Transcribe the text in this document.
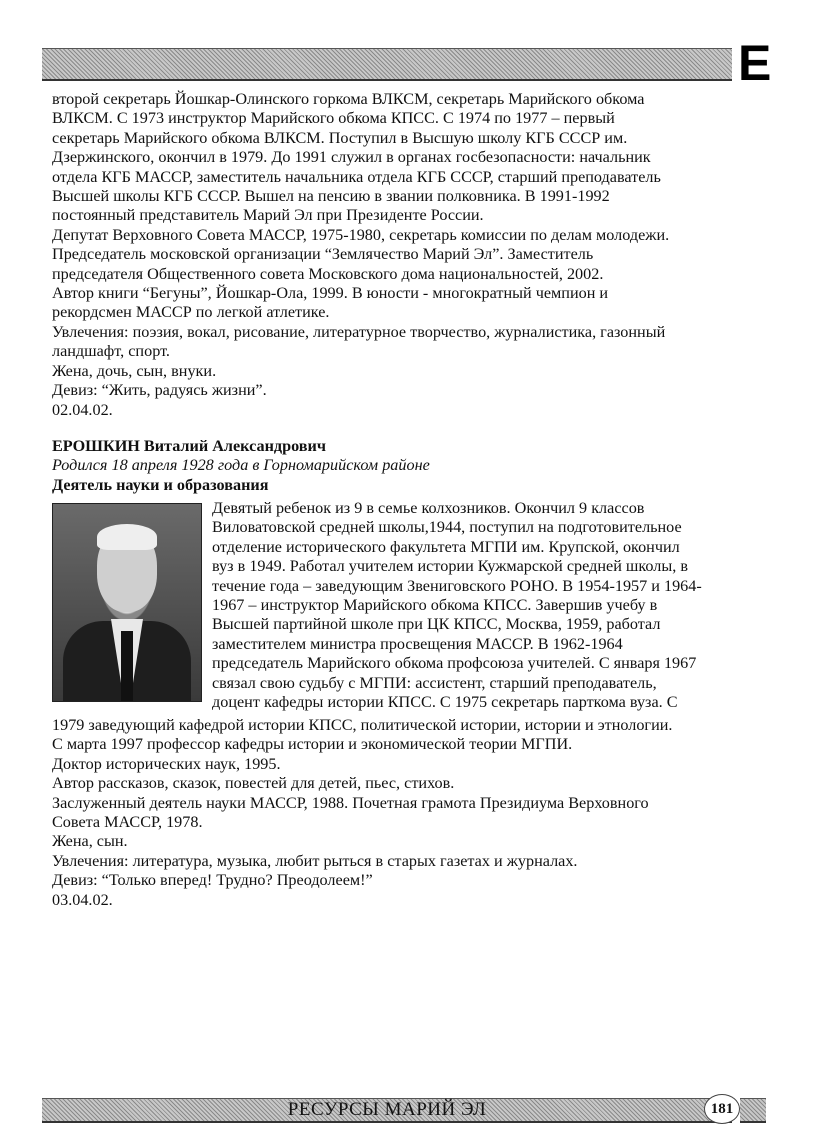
Е
второй секретарь Йошкар-Олинского горкома ВЛКСМ, секретарь Марийского обкома
ВЛКСМ. С 1973 инструктор Марийского обкома КПСС. С 1974 по 1977 – первый
секретарь Марийского обкома ВЛКСМ. Поступил в Высшую школу КГБ СССР им.
Дзержинского, окончил в 1979. До 1991 служил в органах госбезопасности: начальник
отдела КГБ МАССР, заместитель начальника отдела КГБ СССР, старший преподаватель
Высшей школы КГБ СССР. Вышел на пенсию в звании полковника. В 1991-1992
постоянный представитель Марий Эл при Президенте России.
Депутат Верховного Совета МАССР, 1975-1980, секретарь комиссии по делам молодежи.
Председатель московской организации “Землячество Марий Эл”. Заместитель
председателя Общественного совета Московского дома национальностей, 2002.
Автор книги “Бегуны”, Йошкар-Ола, 1999. В юности - многократный чемпион и
рекордсмен МАССР по легкой атлетике.
Увлечения: поэзия, вокал, рисование, литературное творчество, журналистика, газонный
ландшафт, спорт.
Жена, дочь, сын, внуки.
Девиз: “Жить, радуясь жизни”.
02.04.02.
ЕРОШКИН Виталий Александрович
Родился 18 апреля 1928 года в Горномарийском районе
Деятель науки и образования
Девятый ребенок из 9 в семье колхозников. Окончил 9 классов
Виловатовской средней школы,1944, поступил на подготовительное
отделение исторического факультета МГПИ им. Крупской, окончил
вуз в 1949. Работал учителем истории Кужмарской средней школы, в
течение года – заведующим Звениговского РОНО. В 1954-1957 и 1964-
1967 – инструктор Марийского обкома КПСС. Завершив учебу в
Высшей партийной школе при ЦК КПСС, Москва, 1959, работал
заместителем министра просвещения МАССР. В 1962-1964
председатель Марийского обкома профсоюза учителей. С января 1967
связал свою судьбу с МГПИ: ассистент, старший преподаватель,
доцент кафедры истории КПСС. С 1975 секретарь парткома вуза. С
1979 заведующий кафедрой истории КПСС, политической истории, истории и этнологии.
С марта 1997 профессор кафедры истории и экономической теории МГПИ.
Доктор исторических наук, 1995.
Автор рассказов, сказок, повестей для детей, пьес, стихов.
Заслуженный деятель науки МАССР, 1988. Почетная грамота Президиума Верховного
Совета МАССР, 1978.
Жена, сын.
Увлечения: литература, музыка, любит рыться в старых газетах и журналах.
Девиз: “Только вперед! Трудно? Преодолеем!”
03.04.02.
РЕСУРСЫ МАРИЙ ЭЛ	181
